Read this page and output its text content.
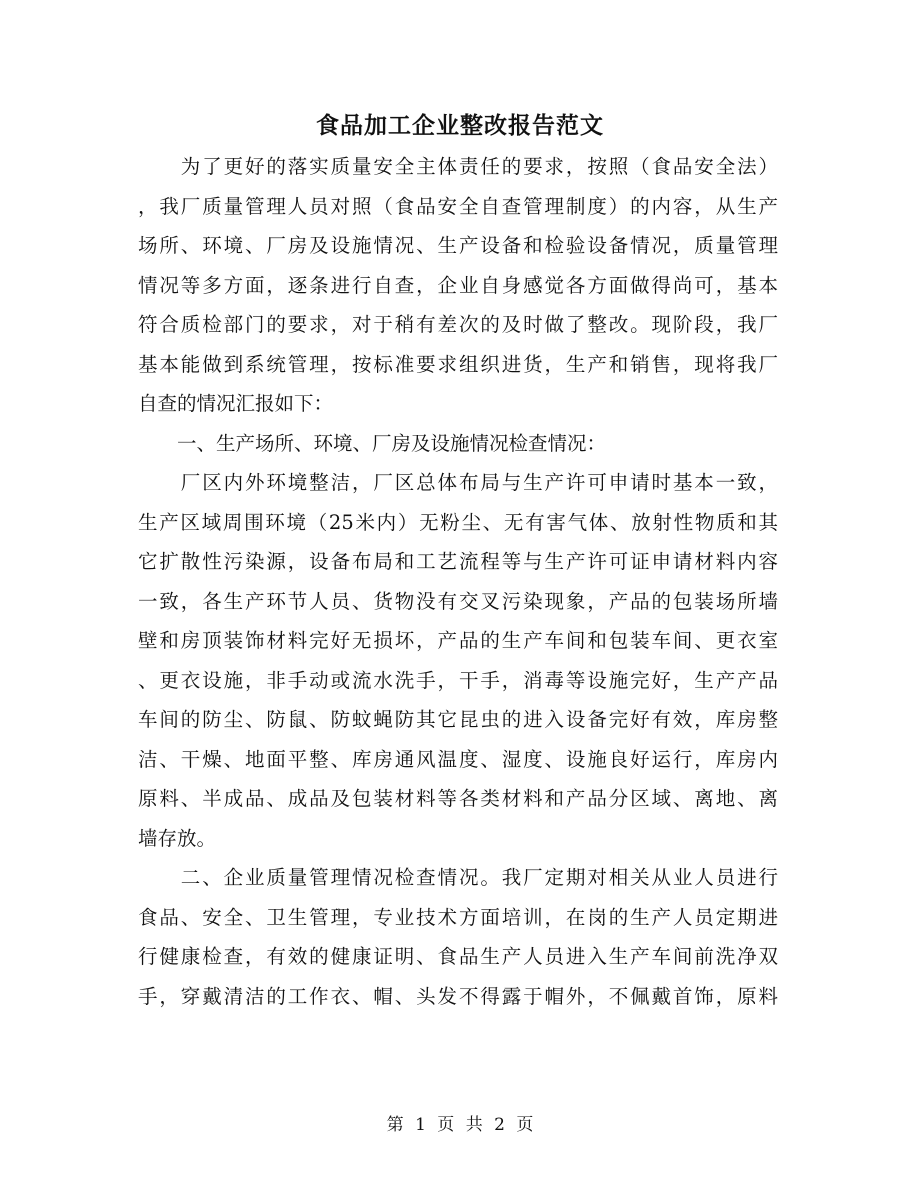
食品加工企业整改报告范文
　　为了更好的落实质量安全主体责任的要求，按照（食品安全法）
，我厂质量管理人员对照（食品安全自查管理制度）的内容，从生产
场所、环境、厂房及设施情况、生产设备和检验设备情况，质量管理
情况等多方面，逐条进行自查，企业自身感觉各方面做得尚可，基本
符合质检部门的要求，对于稍有差次的及时做了整改。现阶段，我厂
基本能做到系统管理，按标准要求组织进货，生产和销售，现将我厂
自查的情况汇报如下：
　　一、生产场所、环境、厂房及设施情况检查情况：
　　厂区内外环境整洁，厂区总体布局与生产许可申请时基本一致，
生产区域周围环境（25米内）无粉尘、无有害气体、放射性物质和其
它扩散性污染源，设备布局和工艺流程等与生产许可证申请材料内容
一致，各生产环节人员、货物没有交叉污染现象，产品的包装场所墙
壁和房顶装饰材料完好无损坏，产品的生产车间和包装车间、更衣室
、更衣设施，非手动或流水洗手，干手，消毒等设施完好，生产产品
车间的防尘、防鼠、防蚊蝇防其它昆虫的进入设备完好有效，库房整
洁、干燥、地面平整、库房通风温度、湿度、设施良好运行，库房内
原料、半成品、成品及包装材料等各类材料和产品分区域、离地、离
墙存放。
　　二、企业质量管理情况检查情况。我厂定期对相关从业人员进行
食品、安全、卫生管理，专业技术方面培训，在岗的生产人员定期进
行健康检查，有效的健康证明、食品生产人员进入生产车间前洗净双
手，穿戴清洁的工作衣、帽、头发不得露于帽外，不佩戴首饰，原料
第 1 页 共 2 页
